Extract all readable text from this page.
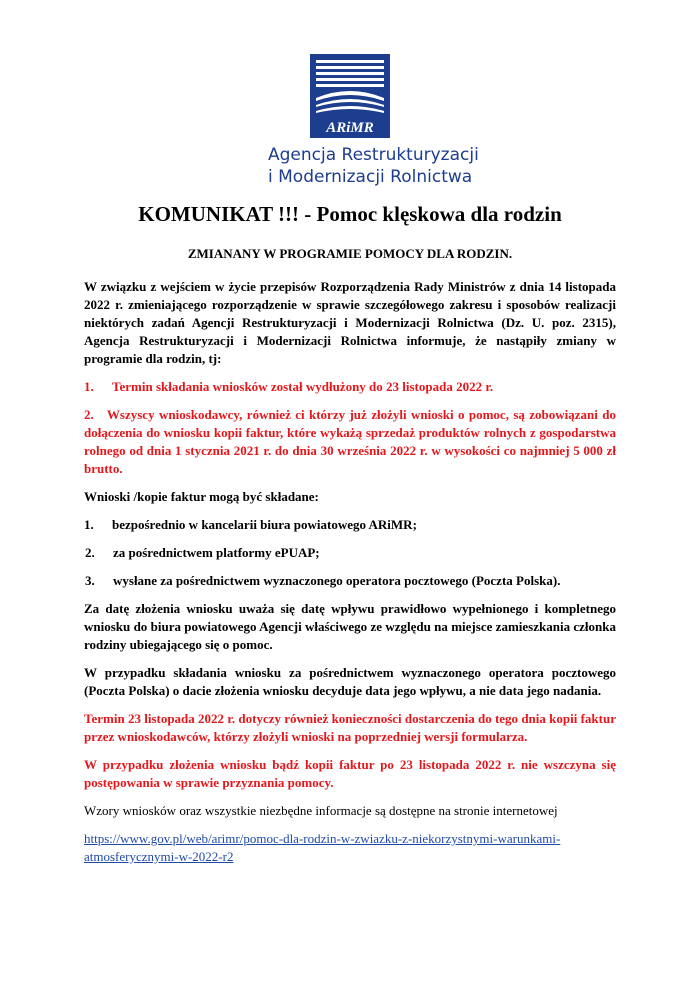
ARiMR
Agencja Restrukturyzacji
i Modernizacji Rolnictwa
KOMUNIKAT !!! - Pomoc klęskowa dla rodzin
ZMIANANY W PROGRAMIE POMOCY DLA RODZIN.

W związku z wejściem w życie przepisów Rozporządzenia Rady Ministrów z dnia 14 listopada 2022 r. zmieniającego rozporządzenie w sprawie szczegółowego zakresu i sposobów realizacji niektórych zadań Agencji Restrukturyzacji i Modernizacji Rolnictwa (Dz. U. poz. 2315), Agencja Restrukturyzacji i Modernizacji Rolnictwa informuje, że nastąpiły zmiany w programie dla rodzin, tj:

1.	Termin składania wniosków został wydłużony do 23 listopada 2022 r.

2. Wszyscy wnioskodawcy, również ci którzy już złożyli wnioski o pomoc, są zobowiązani do dołączenia do wniosku kopii faktur, które wykażą sprzedaż produktów rolnych z gospodarstwa rolnego od dnia 1 stycznia 2021 r. do dnia 30 września 2022 r. w wysokości co najmniej 5 000 zł brutto.

Wnioski /kopie faktur mogą być składane:

1.	bezpośrednio w kancelarii biura powiatowego ARiMR;
2.	za pośrednictwem platformy ePUAP;
3.	wysłane za pośrednictwem wyznaczonego operatora pocztowego (Poczta Polska).

Za datę złożenia wniosku uważa się datę wpływu prawidłowo wypełnionego i kompletnego wniosku do biura powiatowego Agencji właściwego ze względu na miejsce zamieszkania członka rodziny ubiegającego się o pomoc.

W przypadku składania wniosku za pośrednictwem wyznaczonego operatora pocztowego (Poczta Polska) o dacie złożenia wniosku decyduje data jego wpływu, a nie data jego nadania.

Termin 23 listopada 2022 r. dotyczy również konieczności dostarczenia do tego dnia kopii faktur przez wnioskodawców, którzy złożyli wnioski na poprzedniej wersji formularza.

W przypadku złożenia wniosku bądź kopii faktur po 23 listopada 2022 r. nie wszczyna się postępowania w sprawie przyznania pomocy.

Wzory wniosków oraz wszystkie niezbędne informacje są dostępne na stronie internetowej

https://www.gov.pl/web/arimr/pomoc-dla-rodzin-w-zwiazku-z-niekorzystnymi-warunkami-
atmosferycznymi-w-2022-r2
